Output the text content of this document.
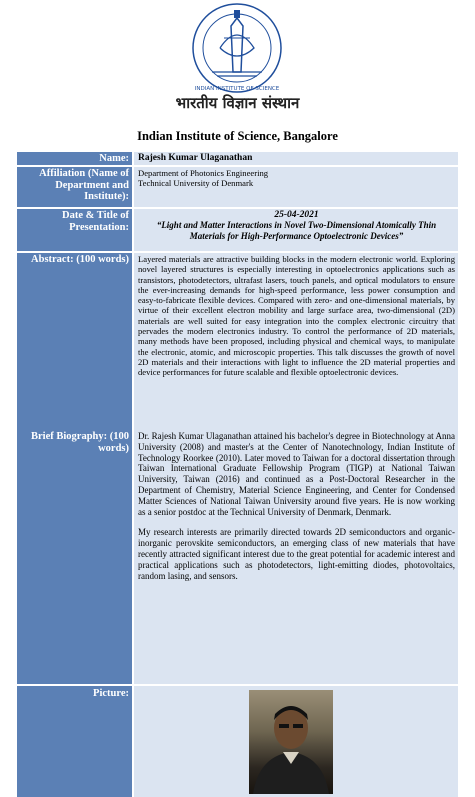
INDIAN INSTITUTE OF SCIENCE
भारतीय विज्ञान संस्थान
Indian Institute of Science, Bangalore
Name: Rajesh Kumar Ulaganathan
Affiliation (Name of Department and Institute):
Department of Photonics Engineering
Technical University of Denmark
Date & Title of Presentation:
25-04-2021
“Light and Matter Interactions in Novel Two-Dimensional Atomically Thin Materials for High-Performance Optoelectronic Devices”
Abstract: (100 words)	Layered materials are attractive building blocks in the modern electronic world. Exploring novel layered structures is especially interesting in optoelectronics applications such as transistors, photodetectors, ultrafast lasers, touch panels, and optical modulators to ensure the ever-increasing demands for high-speed performance, less power consumption and easy-to-fabricate flexible devices. Compared with zero- and one-dimensional materials, by virtue of their excellent electron mobility and large surface area, two-dimensional (2D) materials are well suited for easy integration into the complex electronic circuitry that pervades the modern electronics industry. To control the performance of 2D materials, many methods have been proposed, including physical and chemical ways, to manipulate the electronic, atomic, and microscopic properties. This talk discusses the growth of novel 2D materials and their interactions with light to influence the 2D material properties and device performances for future scalable and flexible optoelectronic devices.
Brief Biography: (100 words)

Dr. Rajesh Kumar Ulaganathan attained his bachelor's degree in Biotechnology at Anna University (2008) and master's at the Center of Nanotechnology, Indian Institute of Technology Roorkee (2010). Later moved to Taiwan for a doctoral dissertation through Taiwan International Graduate Fellowship Program (TIGP) at National Taiwan University, Taiwan (2016) and continued as a Post-Doctoral Researcher in the Department of Chemistry, Material Science Engineering, and Center for Condensed Matter Sciences of National Taiwan University around five years. He is now working as a senior postdoc at the Technical University of Denmark, Denmark.

My research interests are primarily directed towards 2D semiconductors and organic-inorganic perovskite semiconductors, an emerging class of new materials that have recently attracted significant interest due to the great potential for academic interest and practical applications such as photodetectors, light-emitting diodes, photovoltaics, random lasing, and sensors.

Picture:
